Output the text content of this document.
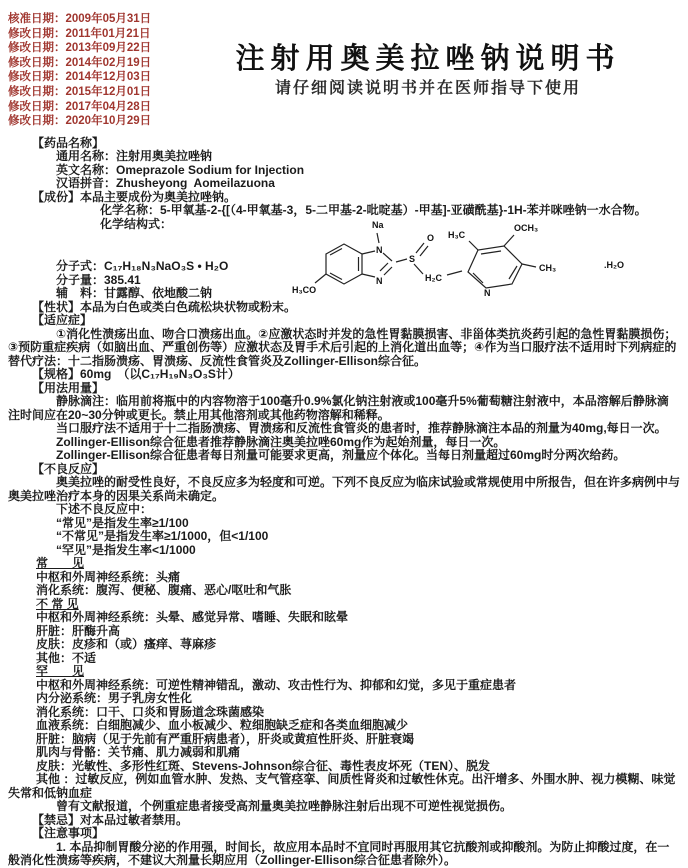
核准日期：2009年05月31日
修改日期：2011年01月21日
修改日期：2013年09月22日
修改日期：2014年02月19日
修改日期：2014年12月03日
修改日期：2015年12月01日
修改日期：2017年04月28日
修改日期：2020年10月29日
注射用奥美拉唑钠说明书
请仔细阅读说明书并在医师指导下使用
【药品名称】
通用名称：注射用奥美拉唑钠
英文名称：Omeprazole Sodium for Injection
汉语拼音：Zhusheyong  Aomeilazuona
【成份】本品主要成份为奥美拉唑钠。
化学名称：5-甲氧基-2-{[（4-甲氧基-3，5-二甲基-2-吡啶基）-甲基]-亚磺酰基}-1H-苯并咪唑钠一水合物。
化学结构式：
H₃CO
N
N
Na
S
O
H₂C
N
H₃C
OCH₃
CH₃	.H₂O
分子式：C₁₇H₁₈N₃NaO₃S • H₂O
分子量：385.41
辅　料：甘露醇、依地酸二钠
【性状】本品为白色或类白色疏松块状物或粉末。
【适应症】
①消化性溃疡出血、吻合口溃疡出血。②应激状态时并发的急性胃黏膜损害、非甾体类抗炎药引起的急性胃黏膜损伤；③预防重症疾病（如脑出血、严重创伤等）应激状态及胃手术后引起的上消化道出血等；④作为当口服疗法不适用时下列病症的替代疗法：十二指肠溃疡、胃溃疡、反流性食管炎及Zollinger-Ellison综合征。
【规格】60mg　（以C₁₇H₁₉N₃O₃S计）
【用法用量】
静脉滴注：临用前将瓶中的内容物溶于100毫升0.9%氯化钠注射液或100毫升5%葡萄糖注射液中，本品溶解后静脉滴注时间应在20~30分钟或更长。禁止用其他溶剂或其他药物溶解和稀释。
当口服疗法不适用于十二指肠溃疡、胃溃疡和反流性食管炎的患者时，推荐静脉滴注本品的剂量为40mg,每日一次。
Zollinger-Ellison综合征患者推荐静脉滴注奥美拉唑60mg作为起始剂量，每日一次。
Zollinger-Ellison综合征患者每日剂量可能要求更高，剂量应个体化。当每日剂量超过60mg时分两次给药。
【不良反应】
奥美拉唑的耐受性良好，不良反应多为轻度和可逆。下列不良反应为临床试验或常规使用中所报告，但在许多病例中与奥美拉唑治疗本身的因果关系尚未确定。
下述不良反应中：
“常见”是指发生率≥1/100
“不常见”是指发生率≥1/1000，但<1/100
“罕见”是指发生率<1/1000
常　　见
中枢和外周神经系统：头痛
消化系统：腹泻、便秘、腹痛、恶心/呕吐和气胀
不 常 见
中枢和外周神经系统：头晕、感觉异常、嗜睡、失眠和眩晕
肝脏：肝酶升高
皮肤：皮疹和（或）瘙痒、荨麻疹
其他：不适
罕　　见
中枢和外周神经系统：可逆性精神错乱，激动、攻击性行为、抑郁和幻觉，多见于重症患者
内分泌系统：男子乳房女性化
消化系统：口干、口炎和胃肠道念珠菌感染
血液系统：白细胞减少、血小板减少、粒细胞缺乏症和各类血细胞减少
肝脏：脑病（见于先前有严重肝病患者），肝炎或黄疸性肝炎、肝脏衰竭
肌肉与骨骼：关节痛、肌力减弱和肌痛
皮肤：光敏性、多形性红斑、Stevens-Johnson综合征、毒性表皮坏死（TEN）、脱发
其他 ：过敏反应，例如血管水肿、发热、支气管痉挛、间质性肾炎和过敏性休克。出汗增多、外围水肿、视力模糊、味觉失常和低钠血症
曾有文献报道，个例重症患者接受高剂量奥美拉唑静脉注射后出现不可逆性视觉损伤。
【禁忌】对本品过敏者禁用。
【注意事项】
1. 本品抑制胃酸分泌的作用强，时间长，故应用本品时不宜同时再服用其它抗酸剂或抑酸剂。为防止抑酸过度，在一般消化性溃疡等疾病，不建议大剂量长期应用（Zollinger-Ellison综合征患者除外）。
